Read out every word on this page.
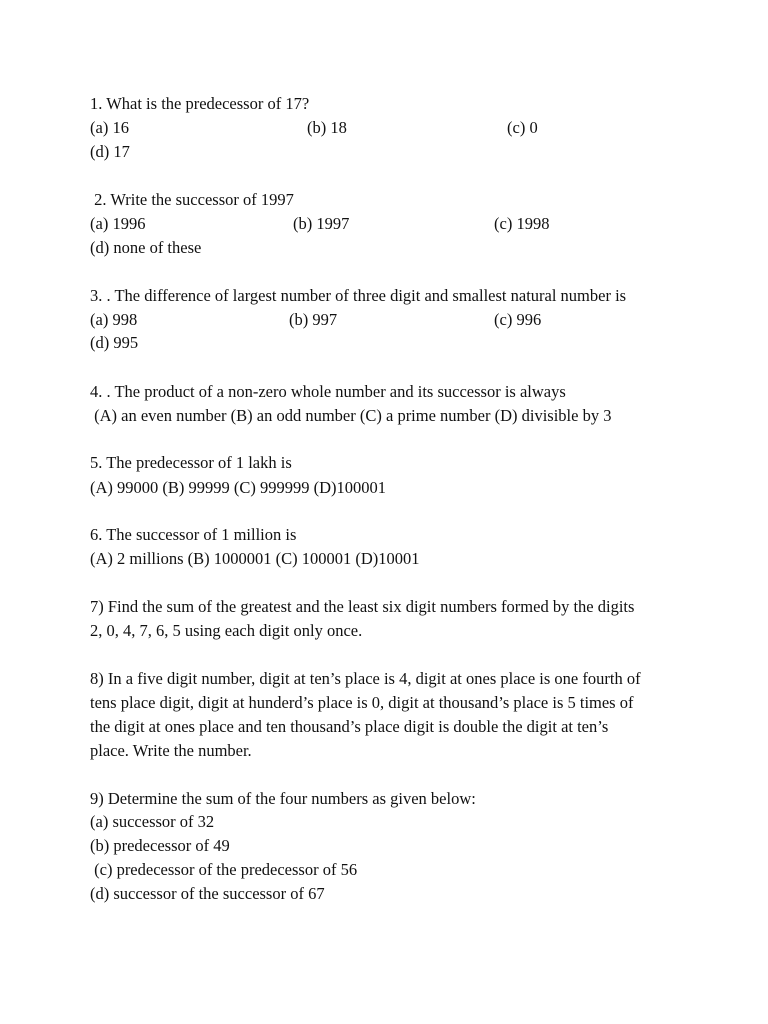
1. What is the predecessor of 17?
(a) 16	(b) 18	(c) 0
(d) 17
2. Write the successor of 1997
(a) 1996	(b) 1997	(c) 1998
(d) none of these
3. . The difference of largest number of three digit and smallest natural number is
(a) 998	(b) 997	(c) 996
(d) 995
4. . The product of a non-zero whole number and its successor is always
(A) an even number (B) an odd number (C) a prime number (D) divisible by 3
5. The predecessor of 1 lakh is
(A) 99000 (B) 99999 (C) 999999 (D)100001
6. The successor of 1 million is
(A) 2 millions (B) 1000001 (C) 100001 (D)10001
7) Find the sum of the greatest and the least six digit numbers formed by the digits
2, 0, 4, 7, 6, 5 using each digit only once.
8) In a five digit number, digit at ten’s place is 4, digit at ones place is one fourth of
tens place digit, digit at hunderd’s place is 0, digit at thousand’s place is 5 times of
the digit at ones place and ten thousand’s place digit is double the digit at ten’s
place. Write the number.
9) Determine the sum of the four numbers as given below:
(a) successor of 32
(b) predecessor of 49
(c) predecessor of the predecessor of 56
(d) successor of the successor of 67
